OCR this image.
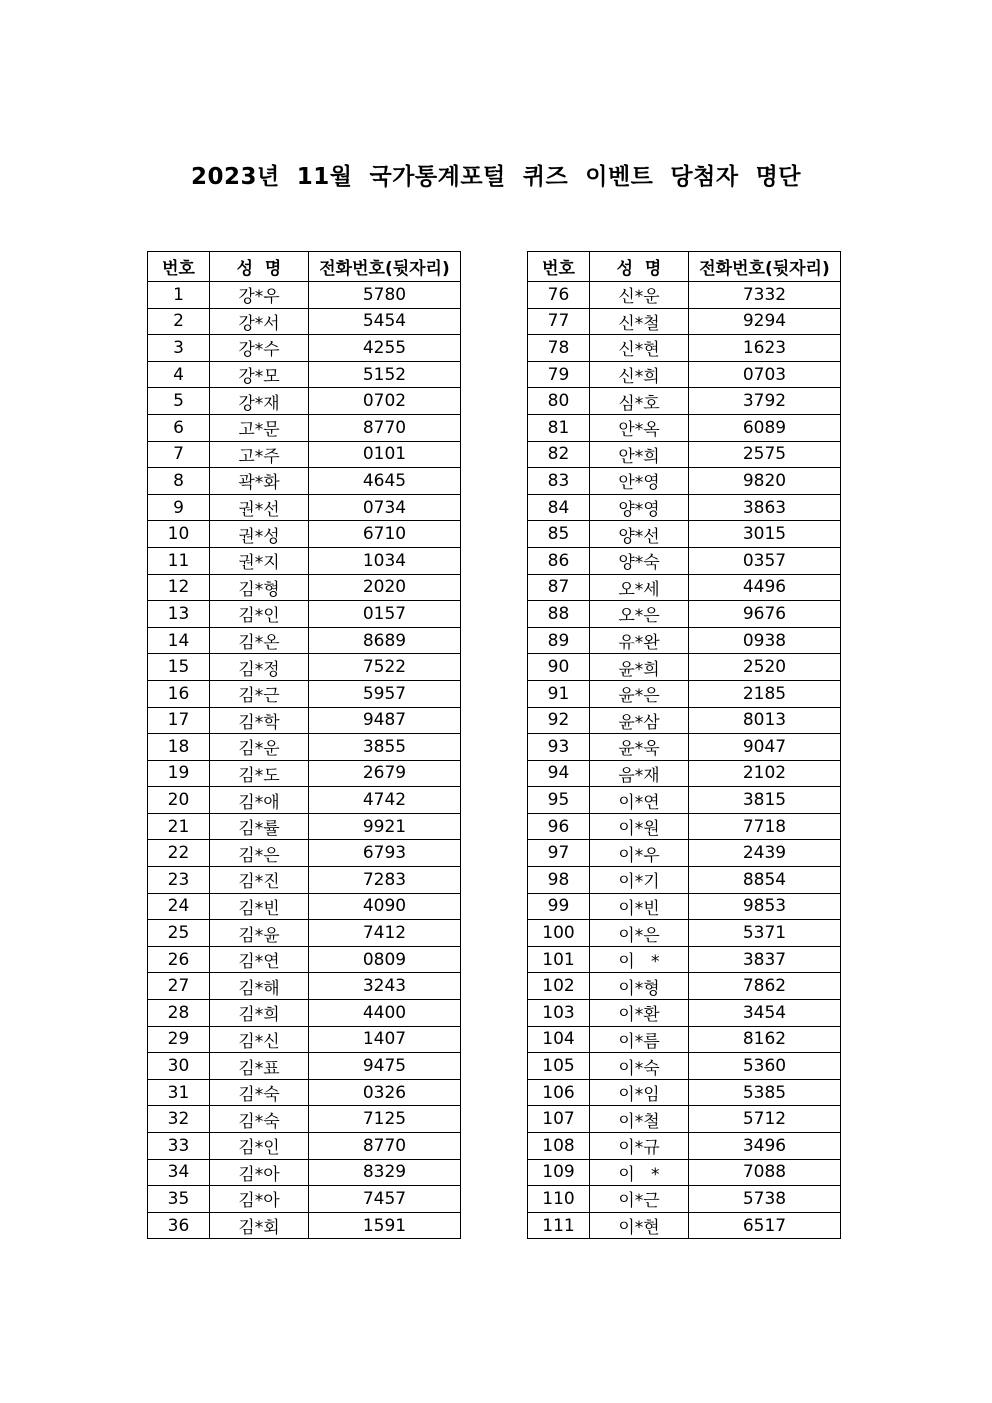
2023년  11월  국가통계포털  퀴즈  이벤트  당첨자  명단
번호	성  명	전화번호(뒷자리)
1	강*우	5780
2	강*서	5454
3	강*수	4255
4	강*모	5152
5	강*재	0702
6	고*문	8770
7	고*주	0101
8	곽*화	4645
9	권*선	0734
10	권*성	6710
11	권*지	1034
12	김*형	2020
13	김*인	0157
14	김*온	8689
15	김*정	7522
16	김*근	5957
17	김*학	9487
18	김*운	3855
19	김*도	2679
20	김*애	4742
21	김*률	9921
22	김*은	6793
23	김*진	7283
24	김*빈	4090
25	김*윤	7412
26	김*연	0809
27	김*해	3243
28	김*희	4400
29	김*신	1407
30	김*표	9475
31	김*숙	0326
32	김*숙	7125
33	김*인	8770
34	김*아	8329
35	김*아	7457
36	김*회	1591
번호	성  명	전화번호(뒷자리)
76	신*운	7332
77	신*철	9294
78	신*현	1623
79	신*희	0703
80	심*호	3792
81	안*옥	6089
82	안*희	2575
83	안*영	9820
84	양*영	3863
85	양*선	3015
86	양*숙	0357
87	오*세	4496
88	오*은	9676
89	유*완	0938
90	윤*희	2520
91	윤*은	2185
92	윤*삼	8013
93	윤*욱	9047
94	음*재	2102
95	이*연	3815
96	이*원	7718
97	이*우	2439
98	이*기	8854
99	이*빈	9853
100	이*은	5371
101	이   *	3837
102	이*형	7862
103	이*환	3454
104	이*름	8162
105	이*숙	5360
106	이*임	5385
107	이*철	5712
108	이*규	3496
109	이   *	7088
110	이*근	5738
111	이*현	6517
